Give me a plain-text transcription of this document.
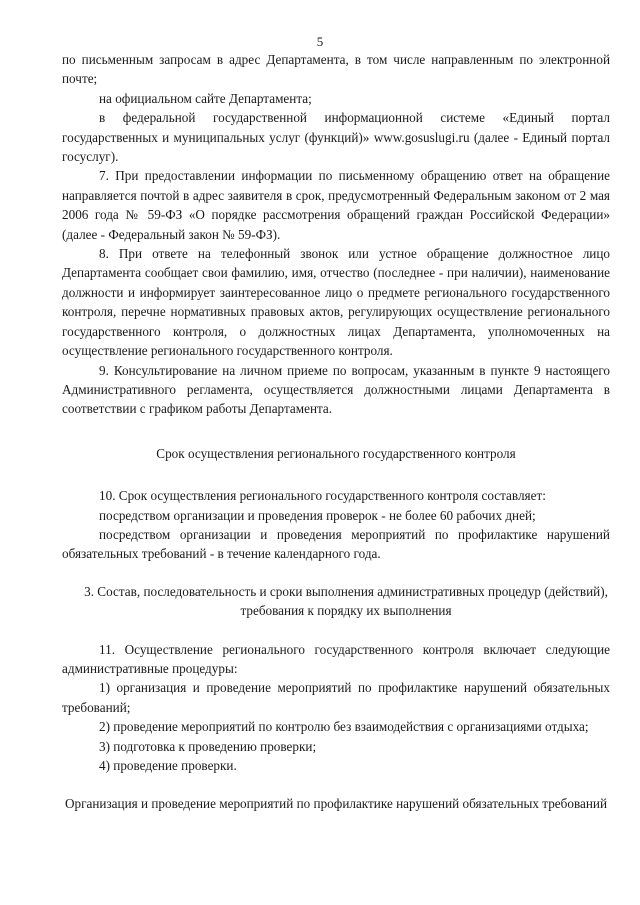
5

по письменным запросам в адрес Департамента, в том числе направленным по электронной почте;

на официальном сайте Департамента;

в федеральной государственной информационной системе «Единый портал государственных и муниципальных услуг (функций)» www.gosuslugi.ru (далее - Единый портал госуслуг).

7. При предоставлении информации по письменному обращению ответ на обращение направляется почтой в адрес заявителя в срок, предусмотренный Федеральным законом от 2 мая 2006 года № 59-ФЗ «О порядке рассмотрения обращений граждан Российской Федерации» (далее - Федеральный закон № 59-ФЗ).

8. При ответе на телефонный звонок или устное обращение должностное лицо Департамента сообщает свои фамилию, имя, отчество (последнее - при наличии), наименование должности и информирует заинтересованное лицо о предмете регионального государственного контроля, перечне нормативных правовых актов, регулирующих осуществление регионального государственного контроля, о должностных лицах Департамента, уполномоченных на осуществление регионального государственного контроля.

9. Консультирование на личном приеме по вопросам, указанным в пункте 9 настоящего Административного регламента, осуществляется должностными лицами Департамента в соответствии с графиком работы Департамента.

Срок осуществления регионального государственного контроля

10. Срок осуществления регионального государственного контроля составляет:

посредством организации и проведения проверок - не более 60 рабочих дней;

посредством организации и проведения мероприятий по профилактике нарушений обязательных требований - в течение календарного года.

3. Состав, последовательность и сроки выполнения административных процедур (действий), требования к порядку их выполнения

11. Осуществление регионального государственного контроля включает следующие административные процедуры:

1) организация и проведение мероприятий по профилактике нарушений обязательных требований;

2) проведение мероприятий по контролю без взаимодействия с организациями отдыха;

3) подготовка к проведению проверки;

4) проведение проверки.

Организация и проведение мероприятий по профилактике нарушений обязательных требований
